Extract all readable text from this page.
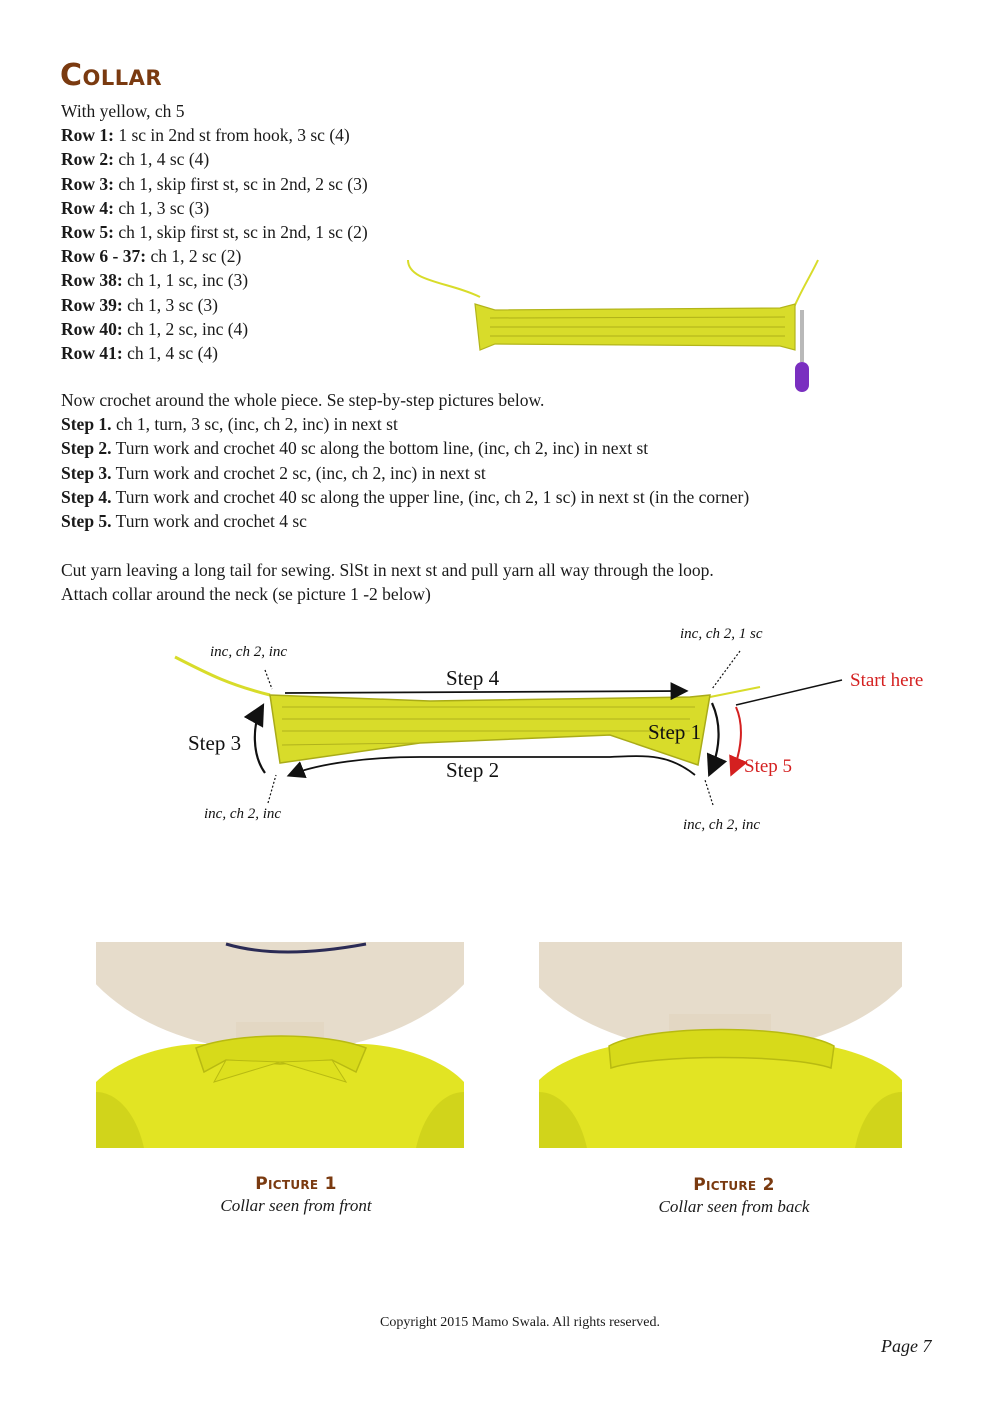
Collar
With yellow, ch 5
Row 1: 1 sc in 2nd st from hook, 3 sc (4)
Row 2: ch 1, 4 sc (4)
Row 3: ch 1, skip first st, sc in 2nd, 2 sc (3)
Row 4: ch 1, 3 sc (3)
Row 5: ch 1, skip first st, sc in 2nd, 1 sc (2)
Row 6 - 37: ch 1, 2 sc (2)
Row 38: ch 1, 1 sc, inc (3)
Row 39: ch 1, 3 sc (3)
Row 40: ch 1, 2 sc, inc (4)
Row 41: ch 1, 4 sc (4)
Now crochet around the whole piece. Se step-by-step pictures below.
Step 1. ch 1, turn, 3 sc, (inc, ch 2, inc) in next st
Step 2. Turn work and crochet 40 sc along the bottom line, (inc, ch 2, inc) in next st
Step 3. Turn work and crochet 2 sc, (inc, ch 2, inc) in next st
Step 4. Turn work and crochet 40 sc along the upper line, (inc, ch 2, 1 sc) in next st (in the corner)
Step 5. Turn work and crochet 4 sc
Cut yarn leaving a long tail for sewing. SlSt in next st and pull yarn all way through the loop.
Attach collar around the neck (se picture 1 -2 below)
Step 4
Step 3
Step 2
Step 1
Step 5
Start here
inc, ch 2, inc
inc, ch 2, 1 sc
inc, ch 2, inc
inc, ch 2, inc
Picture 1
Collar seen from front
Picture 2
Collar seen from back
Copyright 2015 Mamo Swala. All rights reserved.
Page 7
